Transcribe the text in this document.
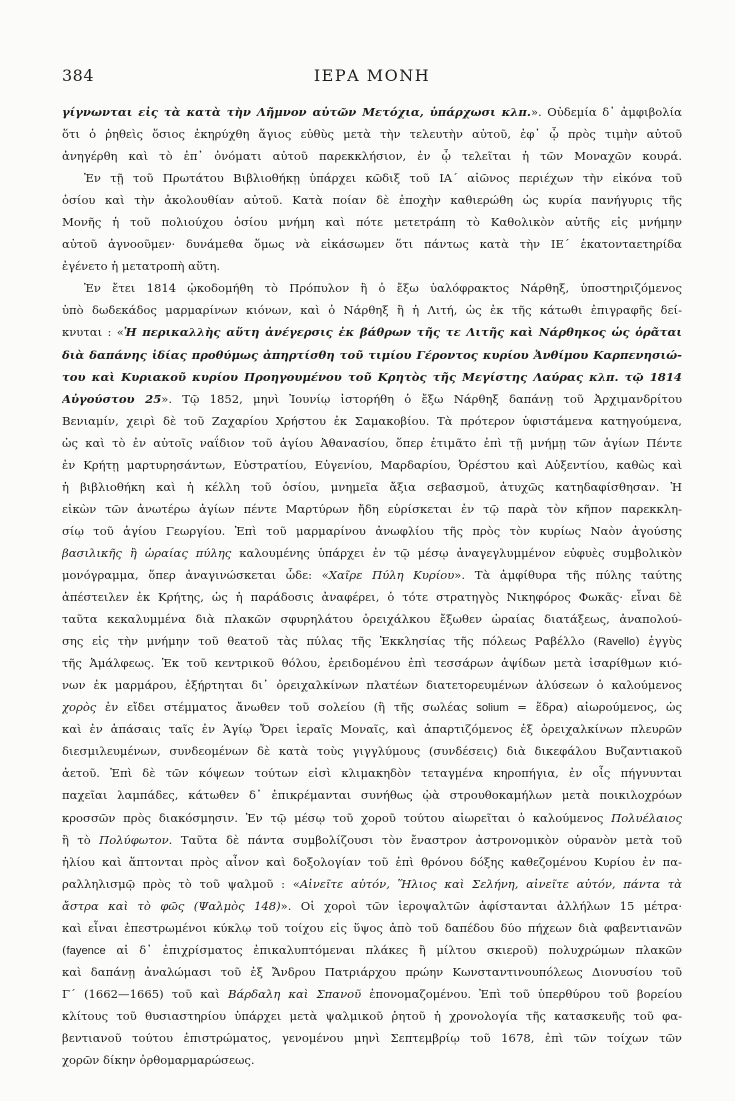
384	ΙΕΡΑ ΜΟΝΗ
γίγνωνται εἰς τὰ κατὰ τὴν Λῆμνον αὐτῶν Μετόχια, ὑπάρχωσι κλπ.». Οὐδεμία δ᾽ ἀμφιβολία
ὅτι ὁ ῥηθεὶς ὅσιος ἐκηρύχθη ἅγιος εὐθὺς μετὰ τὴν τελευτὴν αὐτοῦ, ἐφ᾽ ᾧ πρὸς τιμὴν αὐτοῦ
ἀνηγέρθη καὶ τὸ ἐπ᾽ ὀνόματι αὐτοῦ παρεκκλήσιον, ἐν ᾧ τελεῖται ἡ τῶν Μοναχῶν κουρά.
Ἐν τῇ τοῦ Πρωτάτου Βιβλιοθήκῃ ὑπάρχει κῶδιξ τοῦ ΙΑ΄ αἰῶνος περιέχων τὴν εἰκόνα τοῦ
ὁσίου καὶ τὴν ἀκολουθίαν αὐτοῦ. Κατὰ ποίαν δὲ ἐποχὴν καθιερώθη ὡς κυρία πανήγυρις τῆς
Μονῆς ἡ τοῦ πολιούχου ὁσίου μνήμη καὶ πότε μετετράπη τὸ Καθολικὸν αὐτῆς εἰς μνήμην
αὐτοῦ ἀγνοοῦμεν· δυνάμεθα ὅμως νὰ εἰκάσωμεν ὅτι πάντως κατὰ τὴν ΙΕ΄ ἑκατονταετηρίδα
ἐγένετο ἡ μετατροπὴ αὕτη.
Ἐν ἔτει 1814 ᾠκοδομήθη τὸ Πρόπυλον ἢ ὁ ἔξω ὑαλόφρακτος Νάρθηξ, ὑποστηριζόμενος
ὑπὸ δωδεκάδος μαρμαρίνων κιόνων, καὶ ὁ Νάρθηξ ἢ ἡ Λιτή, ὡς ἐκ τῆς κάτωθι ἐπιγραφῆς δεί-
κνυται : «Ἡ περικαλλὴς αὕτη ἀνέγερσις ἐκ βάθρων τῆς τε Λιτῆς καὶ Νάρθηκος ὡς ὁρᾶται
διὰ δαπάνης ἰδίας προθύμως ἀπηρτίσθη τοῦ τιμίου Γέροντος κυρίου Ἀνθίμου Καρπενησιώ-
του καὶ Κυριακοῦ κυρίου Προηγουμένου τοῦ Κρητὸς τῆς Μεγίστης Λαύρας κλπ. τῷ 1814
Αὐγούστου 25». Τῷ 1852, μηνὶ Ἰουνίῳ ἱστορήθη ὁ ἔξω Νάρθηξ δαπάνῃ τοῦ Ἀρχιμανδρίτου
Βενιαμίν, χειρὶ δὲ τοῦ Ζαχαρίου Χρήστου ἐκ Σαμακοβίου. Τὰ πρότερον ὑφιστάμενα κατηγούμενα,
ὡς καὶ τὸ ἐν αὐτοῖς ναΐδιον τοῦ ἁγίου Ἀθανασίου, ὅπερ ἐτιμᾶτο ἐπὶ τῇ μνήμῃ τῶν ἁγίων Πέντε
ἐν Κρήτῃ μαρτυρησάντων, Εὐστρατίου, Εὐγενίου, Μαρδαρίου, Ὀρέστου καὶ Αὐξεντίου, καθὼς καὶ
ἡ βιβλιοθήκη καὶ ἡ κέλλη τοῦ ὁσίου, μνημεῖα ἄξια σεβασμοῦ, ἀτυχῶς κατηδαφίσθησαν. Ἡ
εἰκὼν τῶν ἀνωτέρω ἁγίων πέντε Μαρτύρων ἤδη εὑρίσκεται ἐν τῷ παρὰ τὸν κῆπον παρεκκλη-
σίῳ τοῦ ἁγίου Γεωργίου. Ἐπὶ τοῦ μαρμαρίνου ἀνωφλίου τῆς πρὸς τὸν κυρίως Ναὸν ἀγούσης
βασιλικῆς ἢ ὡραίας πύλης καλουμένης ὑπάρχει ἐν τῷ μέσῳ ἀναγεγλυμμένον εὐφυὲς συμβολικὸν
μονόγραμμα, ὅπερ ἀναγινώσκεται ὧδε: «Χαῖρε Πύλη Κυρίου». Τὰ ἀμφίθυρα τῆς πύλης ταύτης
ἀπέστειλεν ἐκ Κρήτης, ὡς ἡ παράδοσις ἀναφέρει, ὁ τότε στρατηγὸς Νικηφόρος Φωκᾶς· εἶναι δὲ
ταῦτα κεκαλυμμένα διὰ πλακῶν σφυρηλάτου ὀρειχάλκου ἔξωθεν ὡραίας διατάξεως, ἀναπολού-
σης εἰς τὴν μνήμην τοῦ θεατοῦ τὰς πύλας τῆς Ἐκκλησίας τῆς πόλεως Ραβέλλο (Ravello) ἐγγὺς
τῆς Ἀμάλφεως. Ἐκ τοῦ κεντρικοῦ θόλου, ἐρειδομένου ἐπὶ τεσσάρων ἁψίδων μετὰ ἰσαρίθμων κιό-
νων ἐκ μαρμάρου, ἐξήρτηται δι᾽ ὀρειχαλκίνων πλατέων διατετορευμένων ἁλύσεων ὁ καλούμενος
χορὸς ἐν εἴδει στέμματος ἄνωθεν τοῦ σολείου (ἢ τῆς σωλέας solium = ἕδρα) αἰωρούμενος, ὡς
καὶ ἐν ἁπάσαις ταῖς ἐν Ἁγίῳ Ὄρει ἱεραῖς Μοναῖς, καὶ ἀπαρτιζόμενος ἐξ ὀρειχαλκίνων πλευρῶν
διεσμιλευμένων, συνδεομένων δὲ κατὰ τοὺς γιγγλύμους (συνδέσεις) διὰ δικεφάλου Βυζαντιακοῦ
ἀετοῦ. Ἐπὶ δὲ τῶν κόψεων τούτων εἰσὶ κλιμακηδὸν τεταγμένα κηροπήγια, ἐν οἷς πήγνυνται
παχεῖαι λαμπάδες, κάτωθεν δ᾽ ἐπικρέμανται συνήθως ᾠὰ στρουθοκαμήλων μετὰ ποικιλοχρόων
κροσσῶν πρὸς διακόσμησιν. Ἐν τῷ μέσῳ τοῦ χοροῦ τούτου αἰωρεῖται ὁ καλούμενος Πολυέλαιος
ἢ τὸ Πολύφωτον. Ταῦτα δὲ πάντα συμβολίζουσι τὸν ἔναστρον ἀστρονομικὸν οὐρανὸν μετὰ τοῦ
ἡλίου καὶ ἅπτονται πρὸς αἶνον καὶ δοξολογίαν τοῦ ἐπὶ θρόνου δόξης καθεζομένου Κυρίου ἐν πα-
ραλληλισμῷ πρὸς τὸ τοῦ ψαλμοῦ : «Αἰνεῖτε αὐτόν, Ἥλιος καὶ Σελήνη, αἰνεῖτε αὐτόν, πάντα τὰ
ἄστρα καὶ τὸ φῶς (Ψαλμὸς 148)». Οἱ χοροὶ τῶν ἱεροψαλτῶν ἀφίστανται ἀλλήλων 15 μέτρα·
καὶ εἶναι ἐπεστρωμένοι κύκλῳ τοῦ τοίχου εἰς ὕψος ἀπὸ τοῦ δαπέδου δύο πήχεων διὰ φαβεντιανῶν
(fayence αἱ δ᾽ ἐπιχρίσματος ἐπικαλυπτόμεναι πλάκες ἢ μίλτου σκιεροῦ) πολυχρώμων πλακῶν
καὶ δαπάνῃ ἀναλώμασι τοῦ ἐξ Ἄνδρου Πατριάρχου πρώην Κωνσταντινουπόλεως Διονυσίου τοῦ
Γ΄ (1662—1665) τοῦ καὶ Βάρδαλη καὶ Σπανοῦ ἐπονομαζομένου. Ἐπὶ τοῦ ὑπερθύρου τοῦ βορείου
κλίτους τοῦ θυσιαστηρίου ὑπάρχει μετὰ ψαλμικοῦ ῥητοῦ ἡ χρονολογία τῆς κατασκευῆς τοῦ φα-
βεντιανοῦ τούτου ἐπιστρώματος, γενομένου μηνὶ Σεπτεμβρίῳ τοῦ 1678, ἐπὶ τῶν τοίχων τῶν
χορῶν δίκην ὀρθομαρμαρώσεως.
